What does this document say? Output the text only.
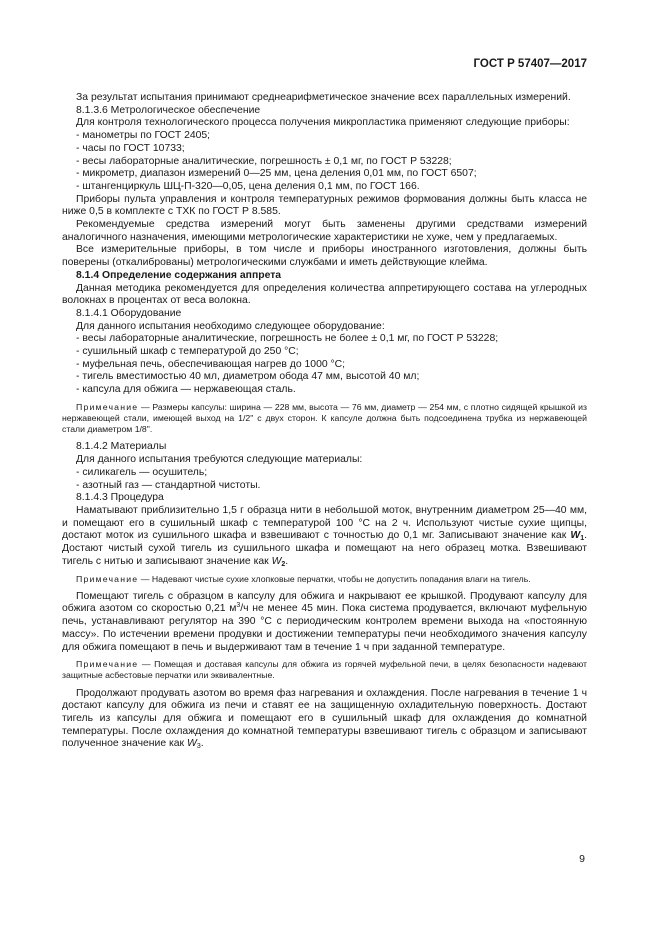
ГОСТ Р 57407—2017

За результат испытания принимают среднеарифметическое значение всех параллельных измерений.

8.1.3.6 Метрологическое обеспечение

Для контроля технологического процесса получения микропластика применяют следующие приборы:

- манометры по ГОСТ 2405;
- часы по ГОСТ 10733;
- весы лабораторные аналитические, погрешность ± 0,1 мг, по ГОСТ Р 53228;
- микрометр, диапазон измерений 0—25 мм, цена деления 0,01 мм, по ГОСТ 6507;
- штангенциркуль ШЦ-П-320—0,05, цена деления 0,1 мм, по ГОСТ 166.

Приборы пульта управления и контроля температурных режимов формования должны быть класса не ниже 0,5 в комплекте с ТХК по ГОСТ Р 8.585.

Рекомендуемые средства измерений могут быть заменены другими средствами измерений аналогичного назначения, имеющими метрологические характеристики не хуже, чем у предлагаемых.

Все измерительные приборы, в том числе и приборы иностранного изготовления, должны быть поверены (откалиброваны) метрологическими службами и иметь действующие клейма.

8.1.4 Определение содержания аппрета

Данная методика рекомендуется для определения количества аппретирующего состава на углеродных волокнах в процентах от веса волокна.

8.1.4.1 Оборудование

Для данного испытания необходимо следующее оборудование:

- весы лабораторные аналитические, погрешность не более ± 0,1 мг, по ГОСТ Р 53228;
- сушильный шкаф с температурой до 250 °С;
- муфельная печь, обеспечивающая нагрев до 1000 °С;
- тигель вместимостью 40 мл, диаметром обода 47 мм, высотой 40 мл;
- капсула для обжига — нержавеющая сталь.

Примечание — Размеры капсулы: ширина — 228 мм, высота — 76 мм, диаметр — 254 мм, с плотно сидящей крышкой из нержавеющей стали, имеющей выход на 1/2" с двух сторон. К капсуле должна быть подсоединена трубка из нержавеющей стали диаметром 1/8".

8.1.4.2 Материалы

Для данного испытания требуются следующие материалы:

- силикагель — осушитель;
- азотный газ — стандартной чистоты.

8.1.4.3 Процедура

Наматывают приблизительно 1,5 г образца нити в небольшой моток, внутренним диаметром 25—40 мм, и помещают его в сушильный шкаф с температурой 100 °С на 2 ч. Используют чистые сухие щипцы, достают моток из сушильного шкафа и взвешивают с точностью до 0,1 мг. Записывают значение как $W_1$. Достают чистый сухой тигель из сушильного шкафа и помещают на него образец мотка. Взвешивают тигель с нитью и записывают значение как $W_2$.

Примечание — Надевают чистые сухие хлопковые перчатки, чтобы не допустить попадания влаги на тигель.

Помещают тигель с образцом в капсулу для обжига и накрывают ее крышкой. Продувают капсулу для обжига азотом со скоростью 0,21 $м^3/ч$ не менее 45 мин. Пока система продувается, включают муфельную печь, устанавливают регулятор на 390 °С с периодическим контролем времени выхода на «постоянную массу». По истечении времени продувки и достижении температуры печи необходимого значения капсулу для обжига помещают в печь и выдерживают там в течение 1 ч при заданной температуре.

Примечание — Помещая и доставая капсулы для обжига из горячей муфельной печи, в целях безопасности надевают защитные асбестовые перчатки или эквивалентные.

Продолжают продувать азотом во время фаз нагревания и охлаждения. После нагревания в течение 1 ч достают капсулу для обжига из печи и ставят ее на защищенную охладительную поверхность. Достают тигель из капсулы для обжига и помещают его в сушильный шкаф для охлаждения до комнатной температуры. После охлаждения до комнатной температуры взвешивают тигель с образцом и записывают полученное значение как $W_3$.

9
